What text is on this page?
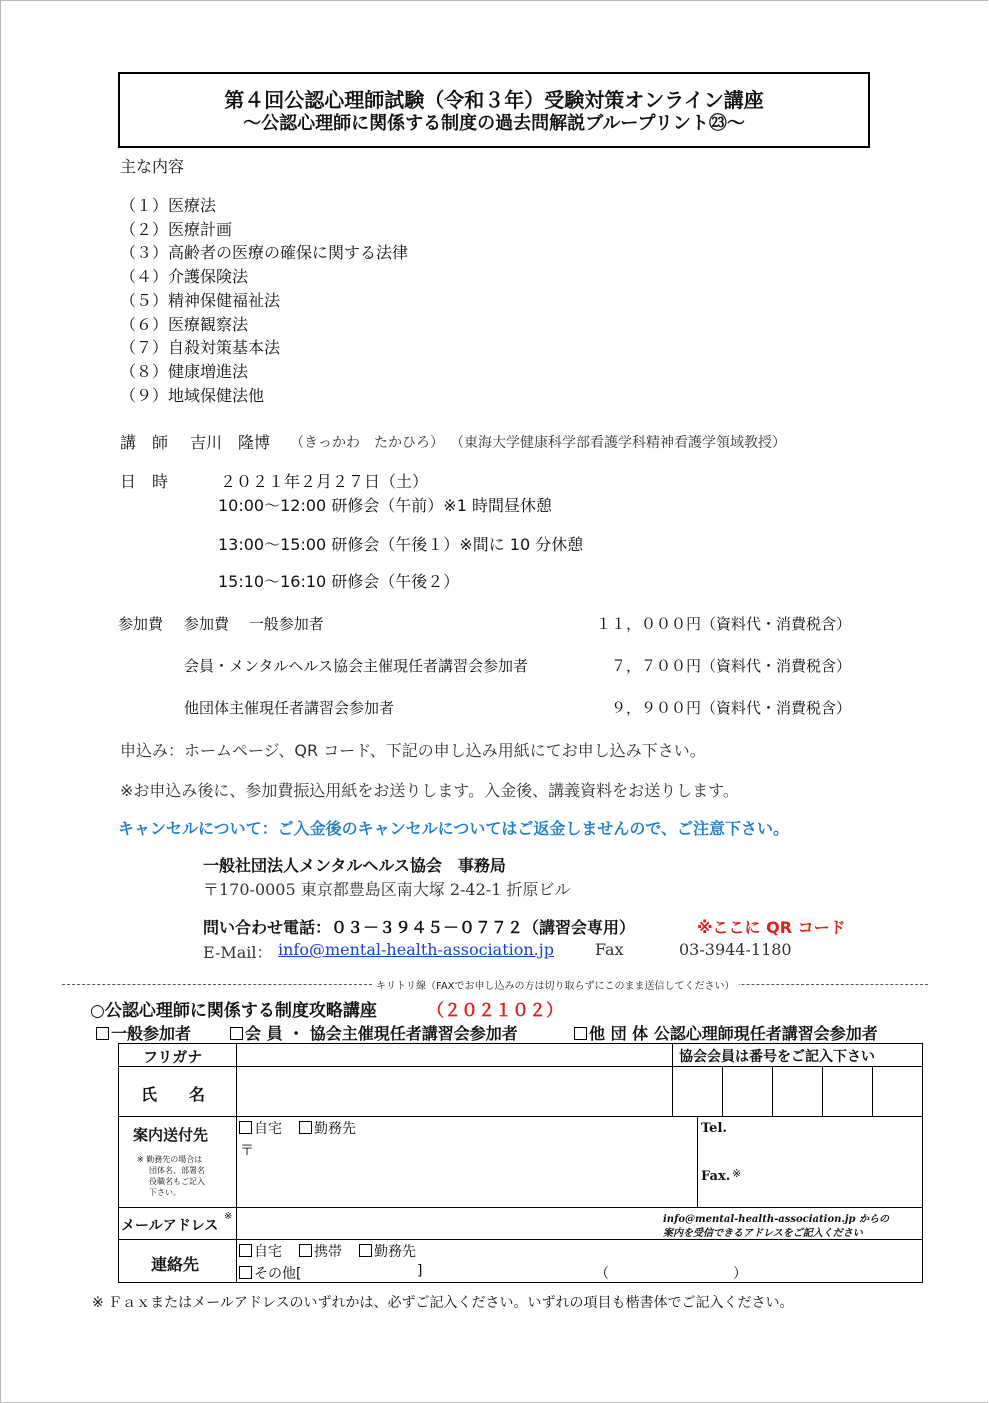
第４回公認心理師試験（令和３年）受験対策オンライン講座
～公認心理師に関係する制度の過去問解説ブループリント㉓～
主な内容
（１）医療法
（２）医療計画
（３）高齢者の医療の確保に関する法律
（４）介護保険法
（５）精神保健福祉法
（６）医療観察法
（７）自殺対策基本法
（８）健康増進法
（９）地域保健法他
講　師 吉川　隆博 （きっかわ　たかひろ） （東海大学健康科学部看護学科精神看護学領域教授）
日　時	２０２１年２月２７日（土）
10:00～12:00 研修会（午前）※1 時間昼休憩
13:00～15:00 研修会（午後１）※間に 10 分休憩
15:10～16:10 研修会（午後２）
参加費 参加費　 一般参加者	１１，０００円（資料代・消費税含）
会員・メンタルヘルス協会主催現任者講習会参加者	７，７００円（資料代・消費税含）
他団体主催現任者講習会参加者	９，９００円（資料代・消費税含）
申込み：ホームページ、QR コード、下記の申し込み用紙にてお申し込み下さい。
※お申込み後に、参加費振込用紙をお送りします。入金後、講義資料をお送りします。
キャンセルについて：ご入金後のキャンセルについてはご返金しませんので、ご注意下さい。
一般社団法人メンタルヘルス協会　事務局
〒170-0005 東京都豊島区南大塚 2-42-1 折原ビル
問い合わせ電話：０３－３９４５－０７７２（講習会専用）	※ここに QR コード
E-Mail： info@mental-health-association.jp	Fax	03-3944-1180
キリトリ線（FAXでお申し込みの方は切り取らずにこのまま送信してください）
○公認心理師に関係する制度攻略講座	（２０２１０２）
一般参加者	会 員 ・ 協会主催現任者講習会参加者	他 団 体 公認心理師現任者講習会参加者
フリガナ	協会会員は番号をご記入下さい
氏　　名
案内送付先
※ 勤務先の場合は
団体名、部署名
役職名もご記入
下さい。
自宅	勤務先
〒
Tel.
Fax. ※
メールアドレス
※	info@mental-health-association.jp からの
案内を受信できるアドレスをご記入ください
連絡先
自宅	携帯	勤務先
その他[	]	（	）
※ Ｆａｘまたはメールアドレスのいずれかは、必ずご記入ください。いずれの項目も楷書体でご記入ください。
